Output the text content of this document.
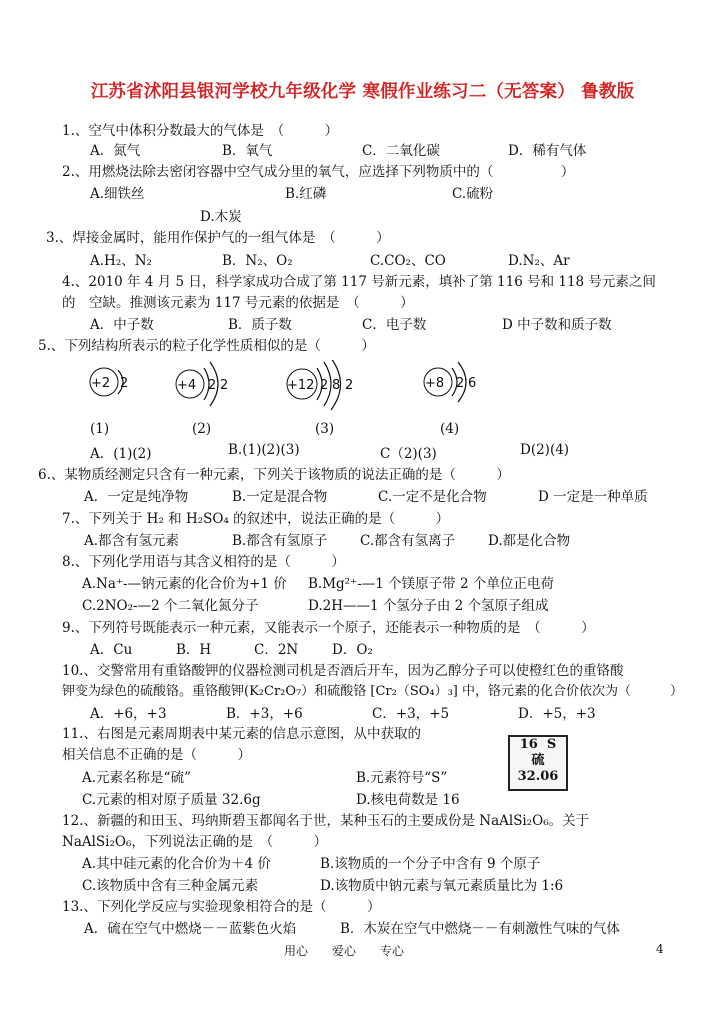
江苏省沭阳县银河学校九年级化学 寒假作业练习二（无答案） 鲁教版
1.、空气中体积分数最大的气体是　（　　　）
A．氮气	B．氧气	C．二氧化碳	D．稀有气体
2.、用燃烧法除去密闭容器中空气成分里的氧气，应选择下列物质中的（　　　　　）
A.细铁丝	B.红磷	C.硫粉
D.木炭
3.、焊接金属时，能用作保护气的一组气体是　（　　　）
A.H₂、N₂	B．N₂、O₂	C.CO₂、CO	D.N₂、Ar
4.、2010 年 4 月 5 日，科学家成功合成了第 117 号新元素，填补了第 116 号和 118 号元素之间
的　空缺。推测该元素为 117 号元素的依据是　（　　　）
A．中子数	B．质子数	C．电子数	D 中子数和质子数
5.、下列结构所表示的粒子化学性质相似的是（　　　）
+2 2	+4 2 2	+12 2 8 2	+8 2 6
(1)	(2)	(3)	(4)
A．(1)(2)	B.(1)(2)(3)	C（2)(3)	D(2)(4)
6.、某物质经测定只含有一种元素，下列关于该物质的说法正确的是（　　　）
A．一定是纯净物	B.一定是混合物	C.一定不是化合物	D 一定是一种单质
7.、下列关于 H₂ 和 H₂SO₄ 的叙述中，说法正确的是（　　　）
A.都含有氢元素	B.都含有氢原子 C.都含有氢离子 D.都是化合物
8.、下列化学用语与其含义相符的是（　　　）
A.Na⁺-—钠元素的化合价为+1 价 B.Mg²⁺-—1 个镁原子带 2 个单位正电荷
C.2NO₂-—2 个二氧化氮分子	D.2H——1 个氢分子由 2 个氢原子组成
9.、下列符号既能表示一种元素，又能表示一个原子，还能表示一种物质的是　（　　　）
A．Cu	B．H	C．2N	D．O₂
10.、交警常用有重铬酸钾的仪器检测司机是否酒后开车，因为乙醇分子可以使橙红色的重铬酸
钾变为绿色的硫酸铬。重铬酸钾(K₂Cr₂O₇）和硫酸铬 [Cr₂（SO₄）₃] 中，铬元素的化合价依次为（　　　）
A．+6，+3	B．+3，+6	C．+3，+5	D．+5，+3
11.、右图是元素周期表中某元素的信息示意图，从中获取的
相关信息不正确的是（　　　）
16 S
硫
32.06
A.元素名称是“硫”	B.元素符号“S”
C.元素的相对原子质量 32.6g	D.核电荷数是 16
12.、新疆的和田玉、玛纳斯碧玉都闻名于世，某种玉石的主要成份是 NaAlSi₂O₆。关于
NaAlSi₂O₆，下列说法正确的是　（　　　）
A.其中硅元素的化合价为＋4 价	B.该物质的一个分子中含有 9 个原子
C.该物质中含有三种金属元素	D.该物质中钠元素与氧元素质量比为 1:6
13.、下列化学反应与实验现象相符合的是（　　　）
A．硫在空气中燃烧－－蓝紫色火焰	B．木炭在空气中燃烧－－有刺激性气味的气体
用心 爱心 专心	4
